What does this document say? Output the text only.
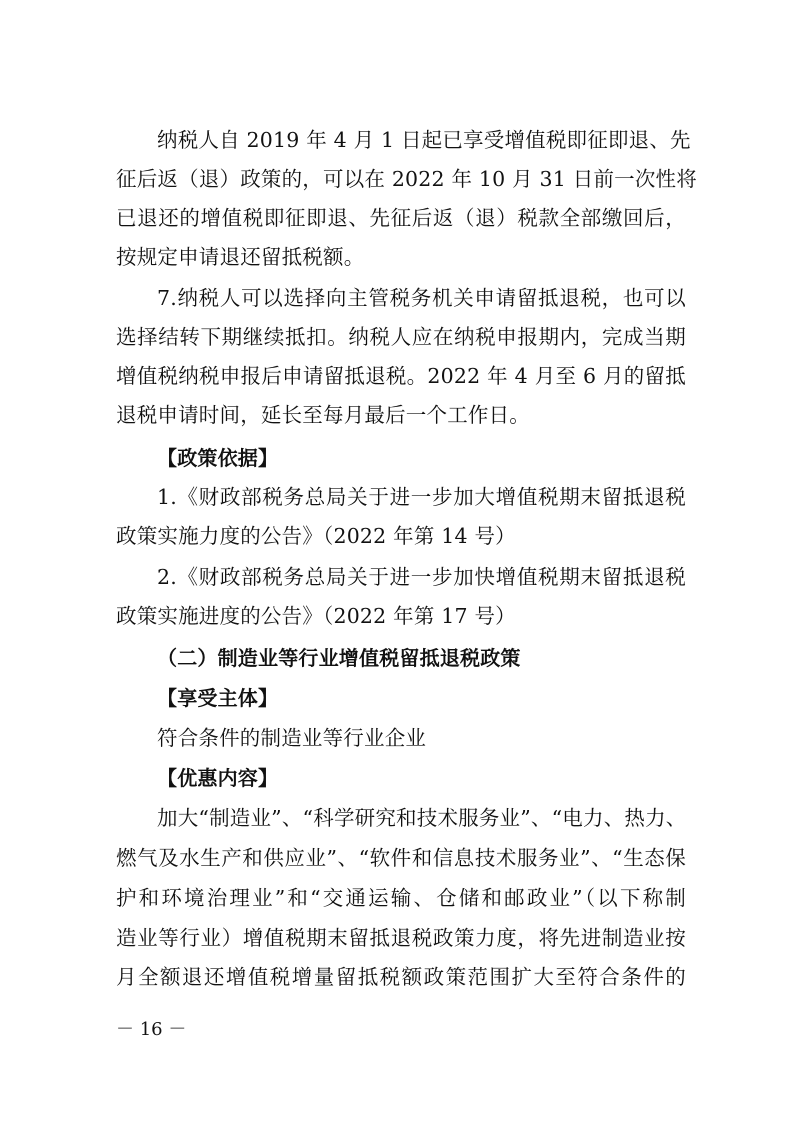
纳税人自 2019 年 4 月 1 日起已享受增值税即征即退、先
征后返（退）政策的，可以在 2022 年 10 月 31 日前一次性将
已退还的增值税即征即退、先征后返（退）税款全部缴回后，
按规定申请退还留抵税额。
7.纳税人可以选择向主管税务机关申请留抵退税，也可以
选择结转下期继续抵扣。纳税人应在纳税申报期内，完成当期
增值税纳税申报后申请留抵退税。2022 年 4 月至 6 月的留抵
退税申请时间，延长至每月最后一个工作日。
【政策依据】
1.《财政部税务总局关于进一步加大增值税期末留抵退税
政策实施力度的公告》（2022 年第 14 号）
2.《财政部税务总局关于进一步加快增值税期末留抵退税
政策实施进度的公告》（2022 年第 17 号）
（二）制造业等行业增值税留抵退税政策
【享受主体】
符合条件的制造业等行业企业
【优惠内容】
加大“制造业”、“科学研究和技术服务业”、“电力、热力、
燃气及水生产和供应业”、“软件和信息技术服务业”、“生态保
护和环境治理业”和“交通运输、仓储和邮政业”（以下称制
造业等行业）增值税期末留抵退税政策力度，将先进制造业按
月全额退还增值税增量留抵税额政策范围扩大至符合条件的
－ 16 －
